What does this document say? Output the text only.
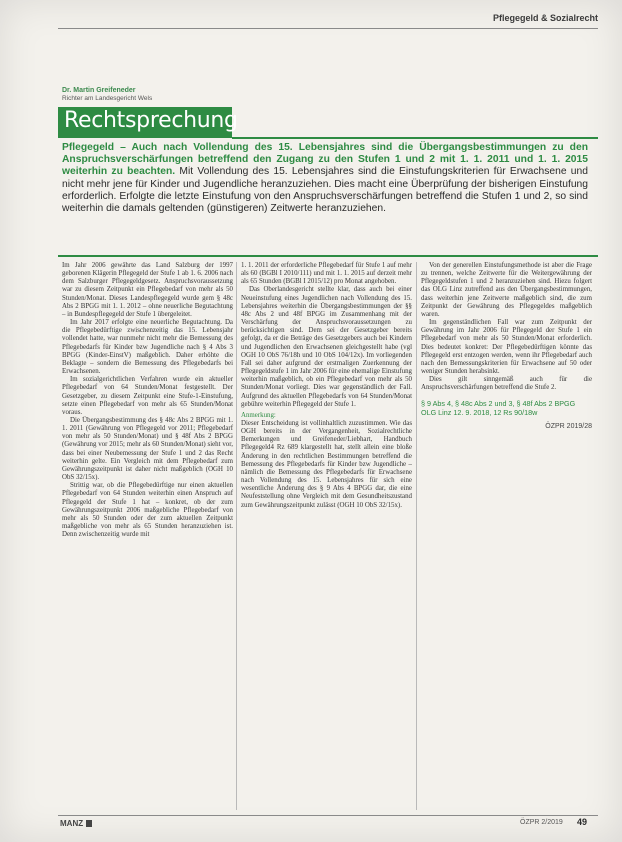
Pflegegeld & Sozialrecht
Dr. Martin Greifeneder
Richter am Landesgericht Wels
Rechtsprechung
Pflegegeld – Auch nach Vollendung des 15. Lebensjahres sind die Übergangsbestimmungen zu den Anspruchsverschärfungen betreffend den Zugang zu den Stufen 1 und 2 mit 1. 1. 2011 und 1. 1. 2015 weiterhin zu beachten. Mit Vollendung des 15. Lebensjahres sind die Einstufungskriterien für Erwachsene und nicht mehr jene für Kinder und Jugendliche heranzuziehen. Dies macht eine Überprüfung der bisherigen Einstufung erforderlich. Erfolgte die letzte Einstufung von den Anspruchsverschärfungen betreffend die Stufen 1 und 2, so sind weiterhin die damals geltenden (günstigeren) Zeitwerte heranzuziehen.

Im Jahr 2006 gewährte das Land Salzburg der 1997 geborenen Klägerin Pflegegeld der Stufe 1 ab 1. 6. 2006 nach dem Salzburger Pflegegeldgesetz. Anspruchsvoraussetzung war zu diesem Zeitpunkt ein Pflegebedarf von mehr als 50 Stunden/Monat. Dieses Landespflegegeld wurde gem § 48c Abs 2 BPGG mit 1. 1. 2012 – ohne neuerliche Begutachtung – in Bundespflegegeld der Stufe 1 übergeleitet.

Im Jahr 2017 erfolgte eine neuerliche Begutachtung. Da die Pflegebedürftige zwischenzeitig das 15. Lebensjahr vollendet hatte, war nunmehr nicht mehr die Bemessung des Pflegebedarfs für Kinder bzw Jugendliche nach § 4 Abs 3 BPGG (Kinder-EinstV) maßgeblich. Daher erhöhte die Beklagte – sondern die Bemessung des Pflegebedarfs bei Erwachsenen.

Im sozialgerichtlichen Verfahren wurde ein aktueller Pflegebedarf von 64 Stunden/Monat festgestellt. Der Gesetzgeber, zu diesem Zeitpunkt eine Stufe-1-Einstufung, setzte einen Pflegebedarf von mehr als 65 Stunden/Monat voraus.

Die Übergangsbestimmung des § 48c Abs 2 BPGG mit 1. 1. 2011 (Gewährung von Pflegegeld vor 2011; Pflegebedarf von mehr als 50 Stunden/Monat) und § 48f Abs 2 BPGG (Gewährung vor 2015; mehr als 60 Stunden/Monat) sieht vor, dass bei einer Neubemessung der Stufe 1 und 2 das Recht weiterhin gelte. Ein Vergleich mit dem Pflegebedarf zum Gewährungszeitpunkt ist daher nicht maßgeblich (OGH 10 ObS 32/15x).

Strittig war, ob die Pflegebedürftige nur einen aktuellen Pflegebedarf von 64 Stunden weiterhin einen Anspruch auf Pflegegeld der Stufe 1 hat – konkret, ob der zum Gewährungszeitpunkt 2006 maßgebliche Pflegebedarf von mehr als 50 Stunden oder der zum aktuellen Zeitpunkt maßgebliche von mehr als 65 Stunden heranzuziehen ist. Denn zwischenzeitig wurde mit

1. 1. 2011 der erforderliche Pflegebedarf für Stufe 1 auf mehr als 60 (BGBl I 2010/111) und mit 1. 1. 2015 auf derzeit mehr als 65 Stunden (BGBl I 2015/12) pro Monat angehoben.

Das Oberlandesgericht stellte klar, dass auch bei einer Neueinstufung eines Jugendlichen nach Vollendung des 15. Lebensjahres weiterhin die Übergangsbestimmungen der §§ 48c Abs 2 und 48f BPGG im Zusammenhang mit der Verschärfung der Anspruchsvoraussetzungen zu berücksichtigen sind. Dem sei der Gesetzgeber bereits gefolgt, da er die Beträge des Gesetzgebers auch bei Kindern und Jugendlichen den Erwachsenen gleichgestellt habe (vgl OGH 10 ObS 76/18h und 10 ObS 104/12x). Im vorliegenden Fall sei daher aufgrund der erstmaligen Zuerkennung der Pflegegeldstufe 1 im Jahr 2006 für eine ehemalige Einstufung weiterhin maßgeblich, ob ein Pflegebedarf von mehr als 50 Stunden/Monat vorliegt. Dies war gegenständlich der Fall. Aufgrund des aktuellen Pflegebedarfs von 64 Stunden/Monat gebühre weiterhin Pflegegeld der Stufe 1.

Anmerkung:

Dieser Entscheidung ist vollinhaltlich zuzustimmen. Wie das OGH bereits in der Vergangenheit, Sozialrechtliche Bemerkungen und Greifeneder/Liebhart, Handbuch Pflegegeld4 Rz 689 klargestellt hat, stellt allein eine bloße Änderung in den rechtlichen Bestimmungen betreffend die Bemessung des Pflegebedarfs für Kinder bzw Jugendliche – nämlich die Bemessung des Pflegebedarfs für Erwachsene nach Vollendung des 15. Lebensjahres für sich eine wesentliche Änderung des § 9 Abs 4 BPGG dar, die eine Neufeststellung ohne Vergleich mit dem Gesundheitszustand zum Gewährungszeitpunkt zulässt (OGH 10 ObS 32/15x).

Von der generellen Einstufungsmethode ist aber die Frage zu trennen, welche Zeitwerte für die Weitergewährung der Pflegegeldstufen 1 und 2 heranzuziehen sind. Hiezu folgert das OLG Linz zutreffend aus den Übergangsbestimmungen, dass weiterhin jene Zeitwerte maßgeblich sind, die zum Zeitpunkt der Gewährung des Pflegegeldes maßgeblich waren.

Im gegenständlichen Fall war zum Zeitpunkt der Gewährung im Jahr 2006 für Pflegegeld der Stufe 1 ein Pflegebedarf von mehr als 50 Stunden/Monat erforderlich. Dies bedeutet konkret: Der Pflegebedürftigen könnte das Pflegegeld erst entzogen werden, wenn ihr Pflegebedarf auch nach den Bemessungskriterien für Erwachsene auf 50 oder weniger Stunden herabsinkt.

Dies gilt sinngemäß auch für die Anspruchsverschärfungen betreffend die Stufe 2.

§ 9 Abs 4, § 48c Abs 2 und 3, § 48f Abs 2 BPGG
OLG Linz 12. 9. 2018, 12 Rs 90/18w
ÖZPR 2019/28
MANZ	ÖZPR 2/2019 49
